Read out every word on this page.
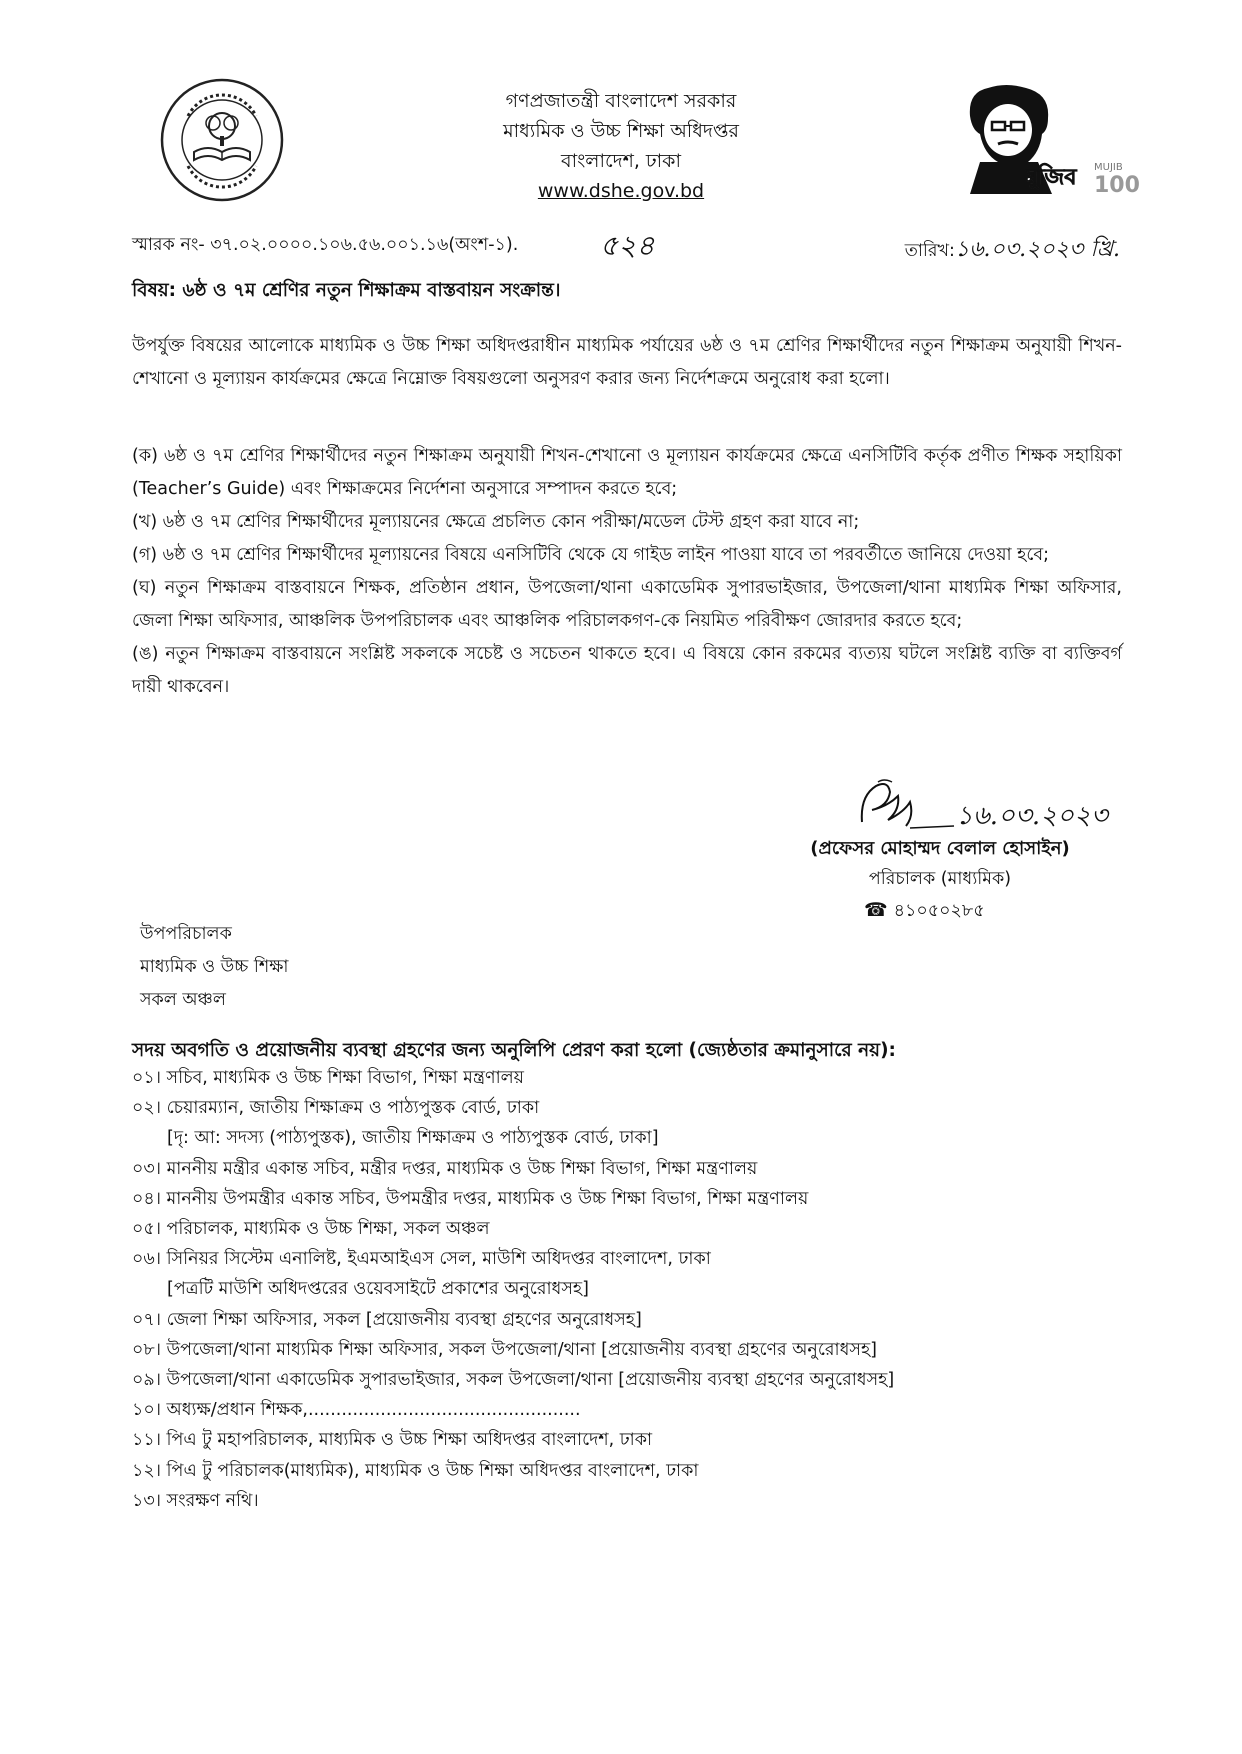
মুজিব MUJIB
100
গণপ্রজাতন্ত্রী বাংলাদেশ সরকার
মাধ্যমিক ও উচ্চ শিক্ষা অধিদপ্তর
বাংলাদেশ, ঢাকা
www.dshe.gov.bd
স্মারক নং- ৩৭.০২.০০০০.১০৬.৫৬.০০১.১৬(অংশ-১).	৫২৪	তারিখ:১৬.০৩.২০২৩ খ্রি.
বিষয়: ৬ষ্ঠ ও ৭ম শ্রেণির নতুন শিক্ষাক্রম বাস্তবায়ন সংক্রান্ত।
উপর্যুক্ত বিষয়ের আলোকে মাধ্যমিক ও উচ্চ শিক্ষা অধিদপ্তরাধীন মাধ্যমিক পর্যায়ের ৬ষ্ঠ ও ৭ম শ্রেণির শিক্ষার্থীদের নতুন শিক্ষাক্রম অনুযায়ী শিখন-শেখানো ও মূল্যায়ন কার্যক্রমের ক্ষেত্রে নিম্নোক্ত বিষয়গুলো অনুসরণ করার জন্য নির্দেশক্রমে অনুরোধ করা হলো।

(ক) ৬ষ্ঠ ও ৭ম শ্রেণির শিক্ষার্থীদের নতুন শিক্ষাক্রম অনুযায়ী শিখন-শেখানো ও মূল্যায়ন কার্যক্রমের ক্ষেত্রে এনসিটিবি কর্তৃক প্রণীত শিক্ষক সহায়িকা (Teacher’s Guide) এবং শিক্ষাক্রমের নির্দেশনা অনুসারে সম্পাদন করতে হবে;

(খ) ৬ষ্ঠ ও ৭ম শ্রেণির শিক্ষার্থীদের মূল্যায়নের ক্ষেত্রে প্রচলিত কোন পরীক্ষা/মডেল টেস্ট গ্রহণ করা যাবে না;

(গ) ৬ষ্ঠ ও ৭ম শ্রেণির শিক্ষার্থীদের মূল্যায়নের বিষয়ে এনসিটিবি থেকে যে গাইড লাইন পাওয়া যাবে তা পরবর্তীতে জানিয়ে দেওয়া হবে;

(ঘ) নতুন শিক্ষাক্রম বাস্তবায়নে শিক্ষক, প্রতিষ্ঠান প্রধান, উপজেলা/থানা একাডেমিক সুপারভাইজার, উপজেলা/থানা মাধ্যমিক শিক্ষা অফিসার, জেলা শিক্ষা অফিসার, আঞ্চলিক উপপরিচালক এবং আঞ্চলিক পরিচালকগণ-কে নিয়মিত পরিবীক্ষণ জোরদার করতে হবে;

(ঙ) নতুন শিক্ষাক্রম বাস্তবায়নে সংশ্লিষ্ট সকলকে সচেষ্ট ও সচেতন থাকতে হবে। এ বিষয়ে কোন রকমের ব্যত্যয় ঘটলে সংশ্লিষ্ট ব্যক্তি বা ব্যক্তিবর্গ দায়ী থাকবেন।

১৬.০৩.২০২৩
(প্রফেসর মোহাম্মদ বেলাল হোসাইন)
পরিচালক (মাধ্যমিক)
☎ ৪১০৫০২৮৫
উপপরিচালক
মাধ্যমিক ও উচ্চ শিক্ষা
সকল অঞ্চল
সদয় অবগতি ও প্রয়োজনীয় ব্যবস্থা গ্রহণের জন্য অনুলিপি প্রেরণ করা হলো (জ্যেষ্ঠতার ক্রমানুসারে নয়):
০১। সচিব, মাধ্যমিক ও উচ্চ শিক্ষা বিভাগ, শিক্ষা মন্ত্রণালয়
০২। চেয়ারম্যান, জাতীয় শিক্ষাক্রম ও পাঠ্যপুস্তক বোর্ড, ঢাকা
[দৃ: আ: সদস্য (পাঠ্যপুস্তক), জাতীয় শিক্ষাক্রম ও পাঠ্যপুস্তক বোর্ড, ঢাকা]
০৩। মাননীয় মন্ত্রীর একান্ত সচিব, মন্ত্রীর দপ্তর, মাধ্যমিক ও উচ্চ শিক্ষা বিভাগ, শিক্ষা মন্ত্রণালয়
০৪। মাননীয় উপমন্ত্রীর একান্ত সচিব, উপমন্ত্রীর দপ্তর, মাধ্যমিক ও উচ্চ শিক্ষা বিভাগ, শিক্ষা মন্ত্রণালয়
০৫। পরিচালক, মাধ্যমিক ও উচ্চ শিক্ষা, সকল অঞ্চল
০৬। সিনিয়র সিস্টেম এনালিষ্ট, ইএমআইএস সেল, মাউশি অধিদপ্তর বাংলাদেশ, ঢাকা
[পত্রটি মাউশি অধিদপ্তরের ওয়েবসাইটে প্রকাশের অনুরোধসহ]
০৭। জেলা শিক্ষা অফিসার, সকল [প্রয়োজনীয় ব্যবস্থা গ্রহণের অনুরোধসহ]
০৮। উপজেলা/থানা মাধ্যমিক শিক্ষা অফিসার, সকল উপজেলা/থানা [প্রয়োজনীয় ব্যবস্থা গ্রহণের অনুরোধসহ]
০৯। উপজেলা/থানা একাডেমিক সুপারভাইজার, সকল উপজেলা/থানা [প্রয়োজনীয় ব্যবস্থা গ্রহণের অনুরোধসহ]
১০। অধ্যক্ষ/প্রধান শিক্ষক,.................................................
১১। পিএ টু মহাপরিচালক, মাধ্যমিক ও উচ্চ শিক্ষা অধিদপ্তর বাংলাদেশ, ঢাকা
১২। পিএ টু পরিচালক(মাধ্যমিক), মাধ্যমিক ও উচ্চ শিক্ষা অধিদপ্তর বাংলাদেশ, ঢাকা
১৩। সংরক্ষণ নথি।
